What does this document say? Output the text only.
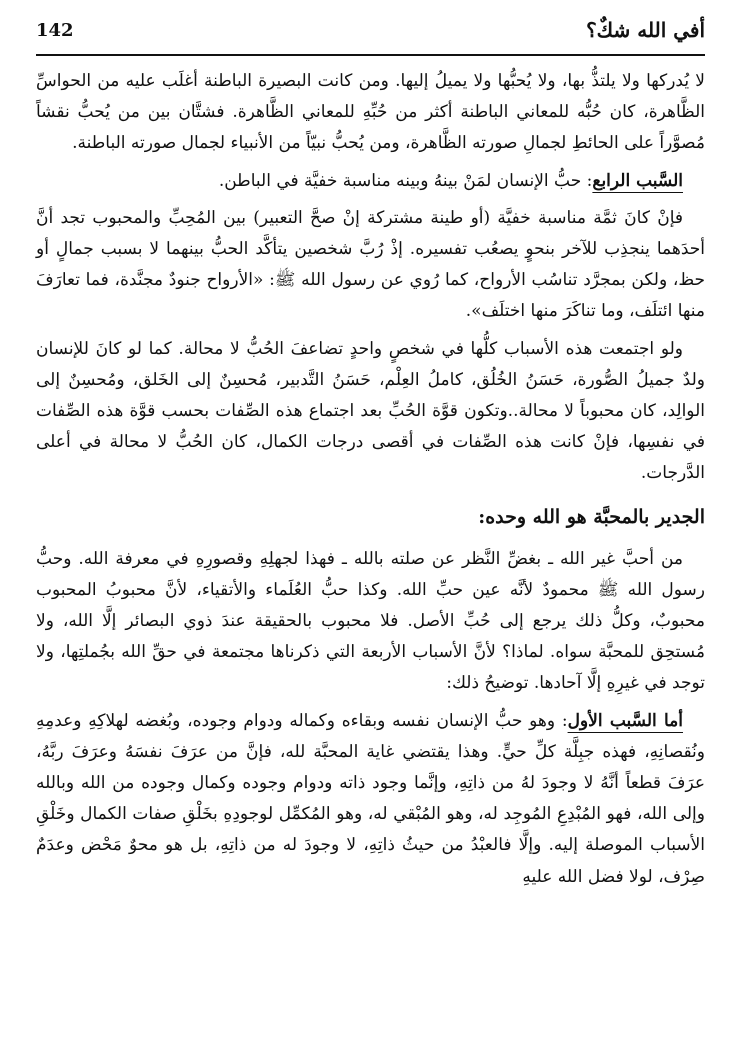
142	أفي الله شكٌ؟

لا يُدركها ولا يلتذُّ بها، ولا يُحبُّها ولا يميلُ إليها. ومن كانت البصيرة الباطنة أغلَب عليه من الحواسِّ الظَّاهرة، كان حُبُّه للمعاني الباطنة أكثر من حُبِّهِ للمعاني الظَّاهرة. فشتَّان بين من يُحبُّ نقشاً مُصوَّراً على الحائطِ لجمالِ صورته الظَّاهرة، ومن يُحبُّ نبيّاً من الأنبياء لجمال صورته الباطنة.

السَّبب الرابع: حبُّ الإنسان لمَنْ بينهُ وبينه مناسبة خفيَّة في الباطن.

فإنْ كانَ ثمَّة مناسبة خفيَّة (أو طينة مشتركة إنْ صحَّ التعبير) بين المُحِبِّ والمحبوب تجد أنَّ أحدَهما ينجذِب للآخر بنحوٍ يصعُب تفسيره. إذْ رُبَّ شخصين يتأكَّد الحبُّ بينهما لا بسبب جمالٍ أو حظ، ولكن بمجرَّد تناسُب الأرواح، كما رُوي عن رسول الله ﷺ: «الأرواح جنودٌ مجنَّدة، فما تعارَفَ منها ائتلَف، وما تناكَرَ منها اختلَف».

ولو اجتمعت هذه الأسباب كلُّها في شخصٍ واحدٍ تضاعفَ الحُبُّ لا محالة. كما لو كانَ للإنسان ولدٌ جميلُ الصُّورة، حَسَنُ الخُلُق، كاملُ العِلْم، حَسَنُ التَّدبير، مُحسِنٌ إلى الخَلق، ومُحسِنٌ إلى الوالِد، كان محبوباً لا محالة..وتكون قوَّة الحُبِّ بعد اجتماع هذه الصِّفات بحسب قوَّة هذه الصِّفات في نفسِها، فإنْ كانت هذه الصِّفات في أقصى درجات الكمال، كان الحُبُّ لا محالة في أعلى الدَّرجات.

الجدير بالمحبَّة هو الله وحده:

من أحبَّ غير الله ـ بغضِّ النَّظر عن صلته بالله ـ فهذا لجهلِهِ وقصورِهِ في معرفة الله. وحبُّ رسول الله ﷺ محمودٌ لأنَّه عين حبِّ الله. وكذا حبُّ العُلَماء والأتقياء، لأنَّ محبوبُ المحبوب محبوبٌ، وكلُّ ذلك يرجع إلى حُبِّ الأصل. فلا محبوب بالحقيقة عندَ ذوي البصائر إلَّا الله، ولا مُستحِق للمحبَّة سواه. لماذا؟ لأنَّ الأسباب الأربعة التي ذكرناها مجتمعة في حقِّ الله بجُملتِها، ولا توجد في غيرِهِ إلَّا آحادها. توضيحُ ذلك:

أما السَّبب الأول: وهو حبُّ الإنسان نفسه وبقاءه وكماله ودوام وجوده، وبُغضه لهلاكِهِ وعدمِهِ ونُقصانِهِ، فهذه جبِلَّة كلِّ حيٍّ. وهذا يقتضي غاية المحبَّة لله، فإنَّ من عرَفَ نفسَهُ وعرَفَ ربَّهُ، عرَفَ قطعاً أنَّهُ لا وجودَ لهُ من ذاتِهِ، وإنَّما وجود ذاته ودوام وجوده وكمال وجوده من الله وبالله وإلى الله، فهو المُبْدِعِ المُوجِد له، وهو المُبْقي له، وهو المُكمِّل لوجودِهِ بخَلْقِ صفات الكمال وخَلْقِ الأسباب الموصلة إليه. وإلَّا فالعبْدُ من حيثُ ذاتِهِ، لا وجودَ له من ذاتِهِ، بل هو محوٌ مَحْض وعدَمٌ صِرْف، لولا فضل الله عليهِ
